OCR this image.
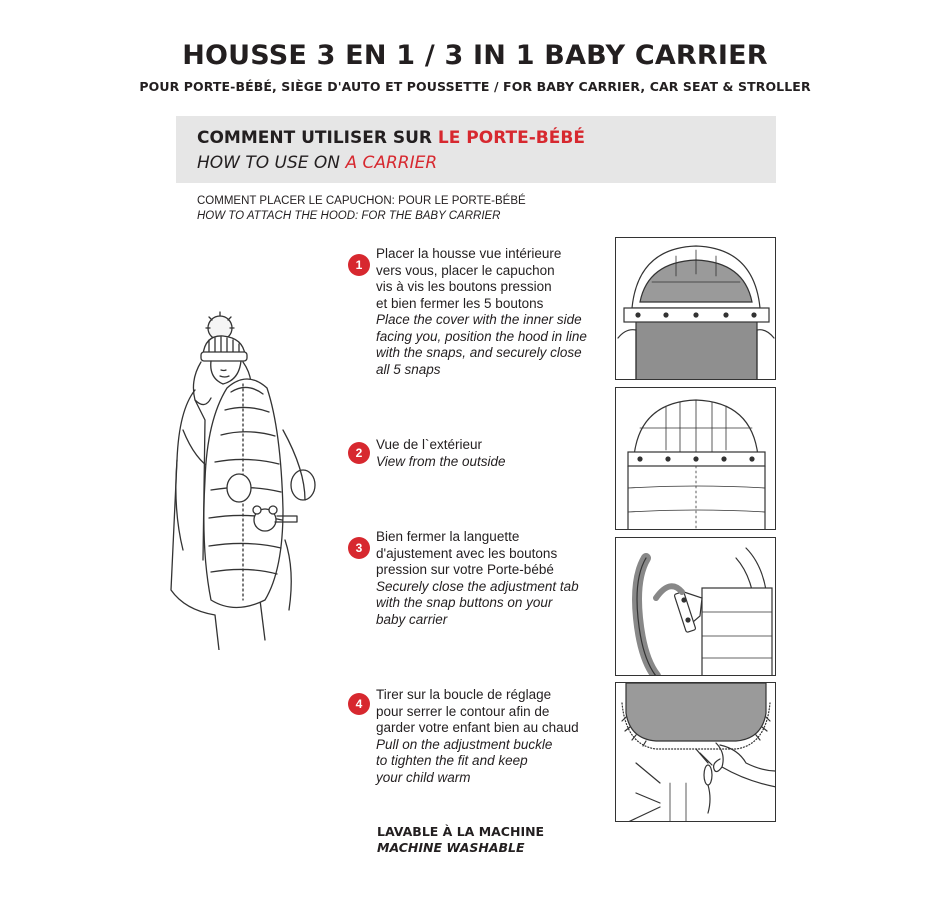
HOUSSE 3 EN 1 / 3 IN 1 BABY CARRIER
POUR PORTE-BÉBÉ, SIÈGE D'AUTO ET POUSSETTE / FOR BABY CARRIER, CAR SEAT & STROLLER
COMMENT UTILISER SUR LE PORTE-BÉBÉ
HOW TO USE ON A CARRIER
COMMENT PLACER LE CAPUCHON: POUR LE PORTE-BÉBÉ
HOW TO ATTACH THE HOOD: FOR THE BABY CARRIER
1
Placer la housse vue intérieure
vers vous, placer le capuchon
vis à vis les boutons pression
et bien fermer les 5 boutons
Place the cover with the inner side
facing you, position the hood in line
with the snaps, and securely close
all 5 snaps
2
Vue de l`extérieur
View from the outside
3
Bien fermer la languette
d'ajustement avec les boutons
pression sur votre Porte-bébé
Securely close the adjustment tab
with the snap buttons on your
baby carrier
4
Tirer sur la boucle de réglage
pour serrer le contour afin de
garder votre enfant bien au chaud
Pull on the adjustment buckle
to tighten the fit and keep
your child warm
LAVABLE À LA MACHINE
MACHINE WASHABLE
